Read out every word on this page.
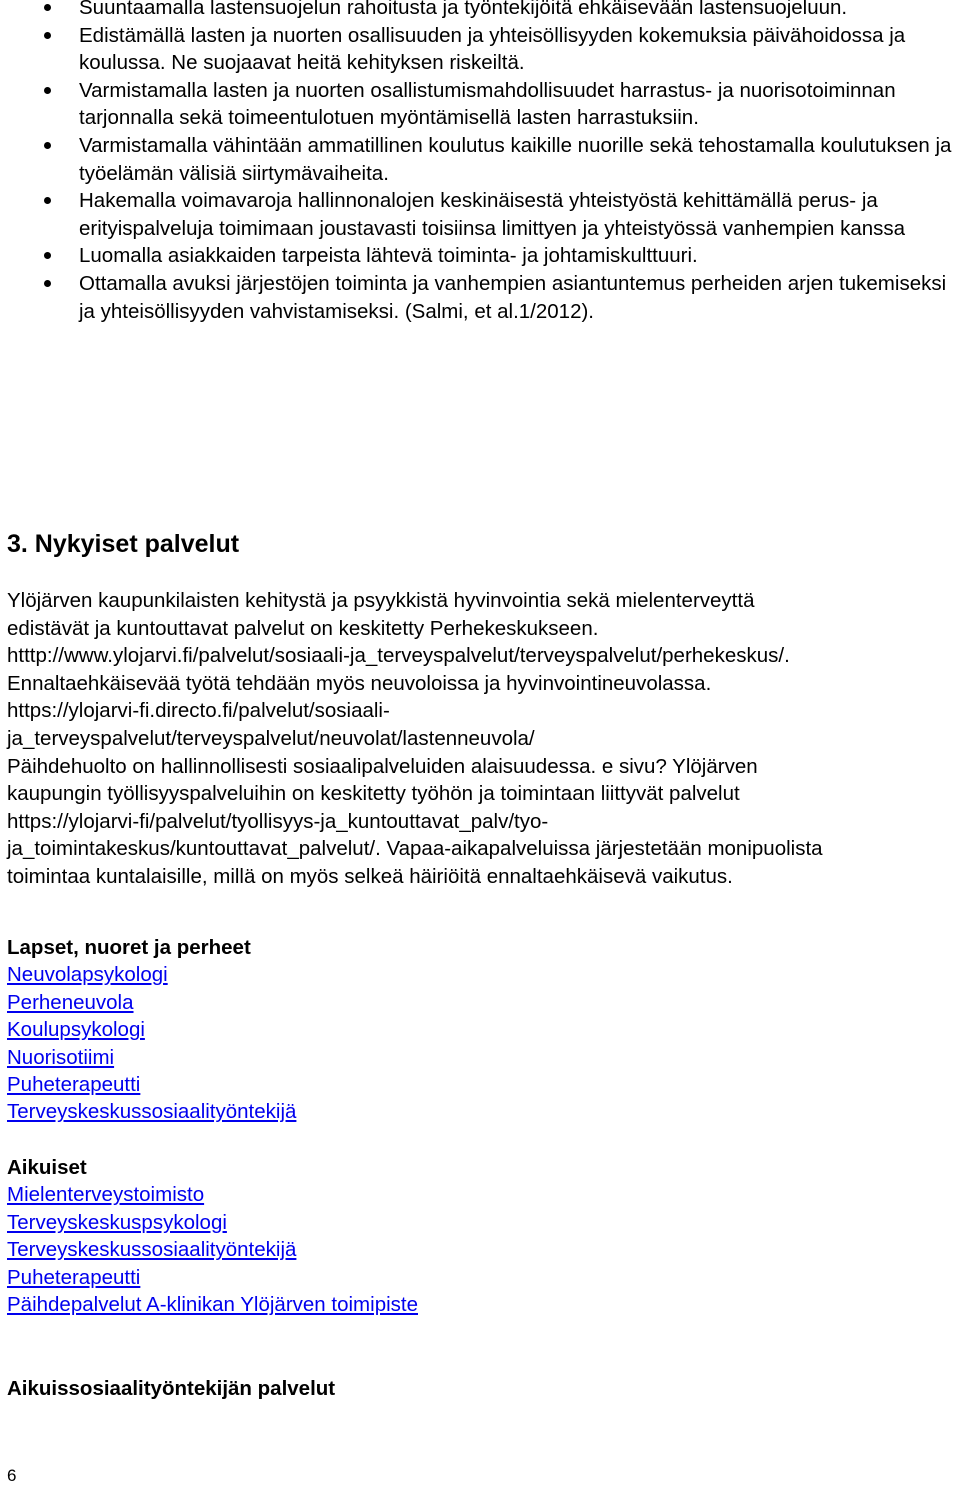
Suuntaamalla lastensuojelun rahoitusta ja työntekijöitä ehkäisevään lastensuojeluun.
Edistämällä lasten ja nuorten osallisuuden ja yhteisöllisyyden kokemuksia päivähoidossa ja koulussa. Ne suojaavat heitä kehityksen riskeiltä.
Varmistamalla lasten ja nuorten osallistumismahdollisuudet harrastus- ja nuorisotoiminnan tarjonnalla sekä toimeentulotuen myöntämisellä lasten harrastuksiin.
Varmistamalla vähintään ammatillinen koulutus kaikille nuorille sekä tehostamalla koulutuksen ja työelämän välisiä siirtymävaiheita.
Hakemalla voimavaroja hallinnonalojen keskinäisestä yhteistyöstä kehittämällä perus- ja erityispalveluja toimimaan joustavasti toisiinsa limittyen ja yhteistyössä vanhempien kanssa
Luomalla asiakkaiden tarpeista lähtevä toiminta- ja johtamiskulttuuri.
Ottamalla avuksi järjestöjen toiminta ja vanhempien asiantuntemus perheiden arjen tukemiseksi ja yhteisöllisyyden vahvistamiseksi. (Salmi, et al.1/2012).
3. Nykyiset palvelut

Ylöjärven kaupunkilaisten kehitystä ja psyykkistä hyvinvointia sekä mielenterveyttä
edistävät ja kuntouttavat palvelut on keskitetty Perhekeskukseen.
htttp://www.ylojarvi.fi/palvelut/sosiaali-ja_terveyspalvelut/terveyspalvelut/perhekeskus/.
Ennaltaehkäisevää työtä tehdään myös neuvoloissa ja hyvinvointineuvolassa.
https://ylojarvi-fi.directo.fi/palvelut/sosiaali-
ja_terveyspalvelut/terveyspalvelut/neuvolat/lastenneuvola/
Päihdehuolto on hallinnollisesti sosiaalipalveluiden alaisuudessa. e sivu? Ylöjärven
kaupungin työllisyyspalveluihin on keskitetty työhön ja toimintaan liittyvät palvelut
https://ylojarvi-fi/palvelut/tyollisyys-ja_kuntouttavat_palv/tyo-
ja_toimintakeskus/kuntouttavat_palvelut/. Vapaa-aikapalveluissa järjestetään monipuolista
toimintaa kuntalaisille, millä on myös selkeä häiriöitä ennaltaehkäisevä vaikutus.

Lapset, nuoret ja perheet
Neuvolapsykologi
Perheneuvola
Koulupsykologi
Nuorisotiimi
Puheterapeutti
Terveyskeskussosiaalityöntekijä
Aikuiset
Mielenterveystoimisto
Terveyskeskuspsykologi
Terveyskeskussosiaalityöntekijä
Puheterapeutti
Päihdepalvelut A-klinikan Ylöjärven toimipiste
Aikuissosiaalityöntekijän palvelut
6
